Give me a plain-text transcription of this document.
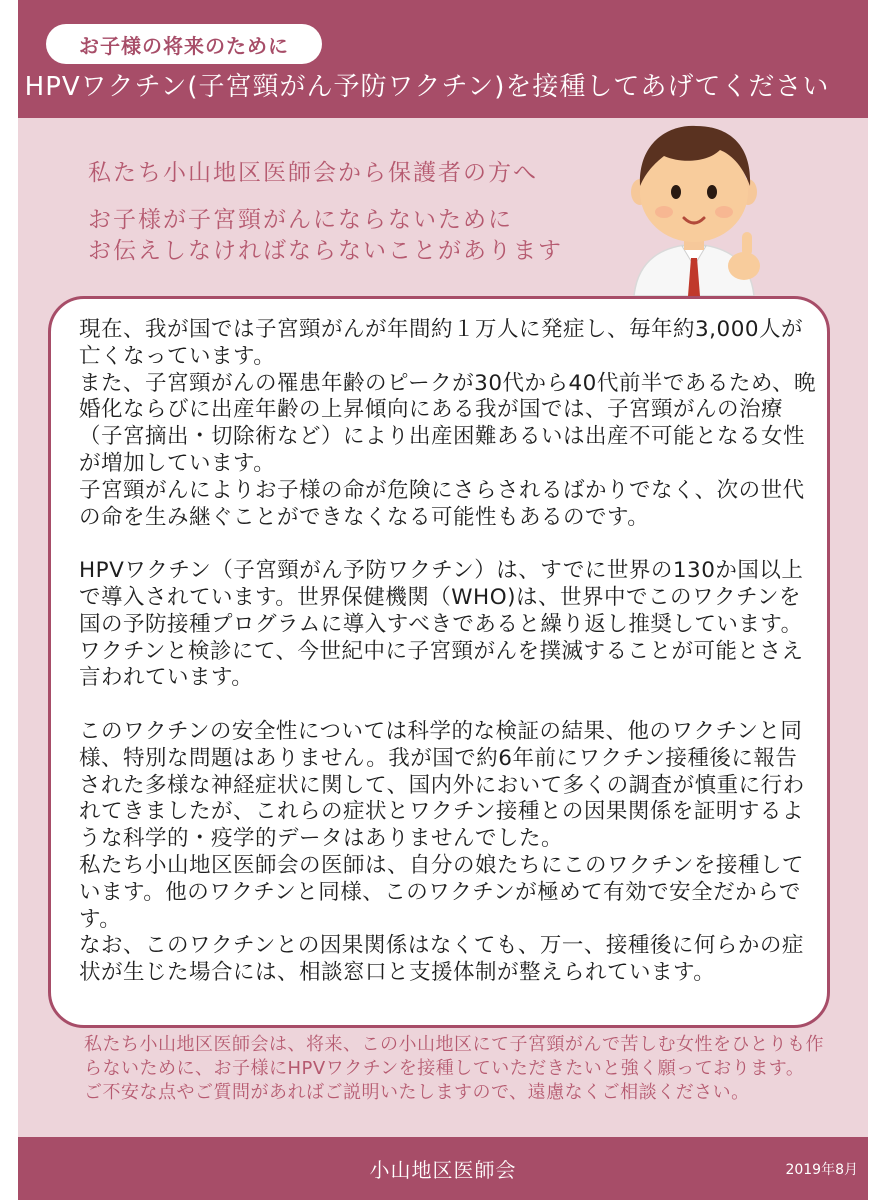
お子様の将来のために
HPVワクチン(子宮頸がん予防ワクチン)を接種してあげてください
私たち小山地区医師会から保護者の方へ
お子様が子宮頸がんにならないために
お伝えしなければならないことがあります

現在、我が国では子宮頸がんが年間約１万人に発症し、毎年約3,000人が亡くなっています。

また、子宮頸がんの罹患年齢のピークが30代から40代前半であるため、晩婚化ならびに出産年齢の上昇傾向にある我が国では、子宮頸がんの治療（子宮摘出・切除術など）により出産困難あるいは出産不可能となる女性が増加しています。

子宮頸がんによりお子様の命が危険にさらされるばかりでなく、次の世代の命を生み継ぐことができなくなる可能性もあるのです。

HPVワクチン（子宮頸がん予防ワクチン）は、すでに世界の130か国以上で導入されています。世界保健機関（WHO)は、世界中でこのワクチンを国の予防接種プログラムに導入すべきであると繰り返し推奨しています。ワクチンと検診にて、今世紀中に子宮頸がんを撲滅することが可能とさえ言われています。

このワクチンの安全性については科学的な検証の結果、他のワクチンと同様、特別な問題はありません。我が国で約6年前にワクチン接種後に報告された多様な神経症状に関して、国内外において多くの調査が慎重に行われてきましたが、これらの症状とワクチン接種との因果関係を証明するような科学的・疫学的データはありませんでした。

私たち小山地区医師会の医師は、自分の娘たちにこのワクチンを接種しています。他のワクチンと同様、このワクチンが極めて有効で安全だからです。

なお、このワクチンとの因果関係はなくても、万一、接種後に何らかの症状が生じた場合には、相談窓口と支援体制が整えられています。

私たち小山地区医師会は、将来、この小山地区にて子宮頸がんで苦しむ女性をひとりも作らないために、お子様にHPVワクチンを接種していただきたいと強く願っております。

ご不安な点やご質問があればご説明いたしますので、遠慮なくご相談ください。

小山地区医師会	2019年8月
